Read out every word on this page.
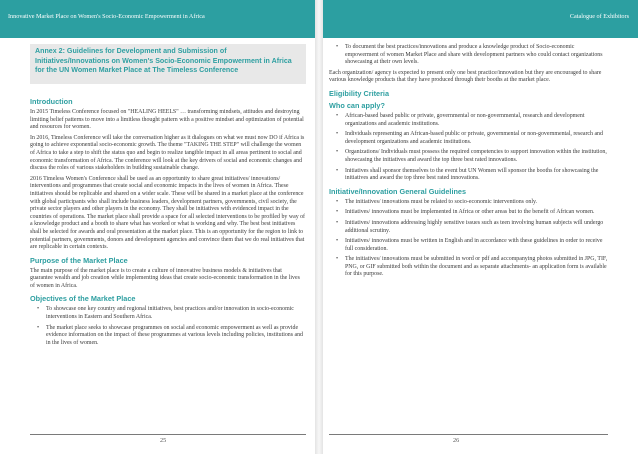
Innovative Market Place on Women's Socio-Economic Empowerment in Africa
Annex 2: Guidelines for Development and Submission of Initiatives/Innovations on Women's Socio-Economic Empowerment in Africa for the UN Women Market Place at The Timeless Conference
Introduction

In 2015 Timeless Conference focused on "HEALING HEELS" … transforming mindsets, attitudes and destroying limiting belief patterns to move into a limitless thought pattern with a positive mindset and optimization of potential and resources for women.

In 2016, Timeless Conference will take the conversation higher as it dialogues on what we must now DO if Africa is going to achieve exponential socio-economic growth. The theme "TAKING THE STEP" will challenge the women of Africa to take a step to shift the status quo and begin to realize tangible impact in all areas pertinent to social and economic transformation of Africa. The conference will look at the key drivers of social and economic changes and discuss the roles of various stakeholders in building sustainable change.

2016 Timeless Women's Conference shall be used as an opportunity to share great initiatives/ innovations/ interventions and programmes that create social and economic impacts in the lives of women in Africa. These initiatives should be replicable and shared on a wider scale. These will be shared in a market place at the conference with global participants who shall include business leaders, development partners, governments, civil society, the private sector players and other players in the economy. They shall be initiatives with evidenced impact in the countries of operations. The market place shall provide a space for all selected interventions to be profiled by way of a knowledge product and a booth to share what has worked or what is working and why. The best best initiatives shall be selected for awards and oral presentation at the market place. This is an opportunity for the region to link to potential partners, governments, donors and development agencies and convince them that we do real initiatives that are replicable in certain contexts.

Purpose of the Market Place

The main purpose of the market place is to create a culture of innovative business models & initiatives that guarantee wealth and job creation while implementing ideas that create socio-economic transformation in the lives of women in Africa.

Objectives of the Market Place
• To showcase one key country and regional initiatives, best practices and/or innovation in socio-economic interventions in Eastern and Southern Africa.
• The market place seeks to showcase programmes on social and economic empowerment as well as provide evidence information on the impact of these programmes at various levels including policies, institutions and in the lives of women.
25
Catalogue of Exhibitors
• To document the best practices/innovations and produce a knowledge product of Socio-economic empowerment of women Market Place and share with development partners who could contact organizations showcasing at their own levels.

Each organization/ agency is expected to present only one best practice/innovation but they are encouraged to share various knowledge products that they have produced through their booths at the market place.

Eligibility Criteria
Who can apply?
• African-based based public or private, governmental or non-governmental, research and development organizations and academic institutions.
• Individuals representing an African-based public or private, governmental or non-governmental, research and development organizations and academic institutions.
• Organizations/ Individuals must possess the required competencies to support innovation within the institution, showcasing the initiatives and award the top three best rated innovations.
• Initiatives shall sponsor themselves to the event but UN Women will sponsor the booths for showcasing the initiatives and award the top three best rated innovations.
Initiative/Innovation General Guidelines
• The initiatives/ innovations must be related to socio-economic interventions only.
• Initiatives/ innovations must be implemented in Africa or other areas but to the benefit of African women.
• Initiatives/ innovations addressing highly sensitive issues such as teen involving human subjects will undergo additional scrutiny.
• Initiatives/ innovations must be written in English and in accordance with these guidelines in order to receive full consideration.
• The initiatives/ innovations must be submitted in word or pdf and accompanying photos submitted in JPG, TIF, PNG, or GIF submitted both within the document and as separate attachments- an application form is available for this purpose.
26
